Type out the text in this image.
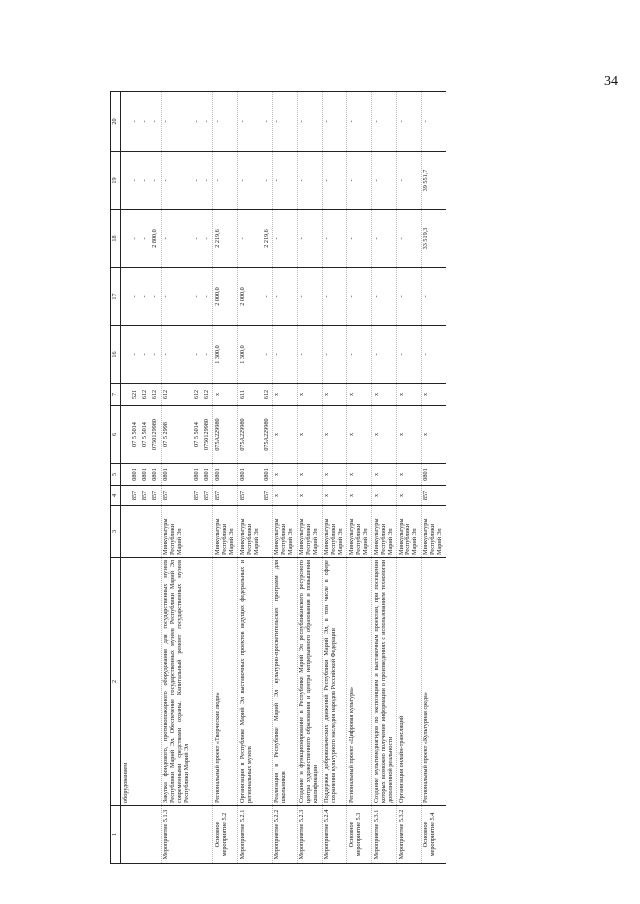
34
1	2	3	4	5	6	7	16	17	18	19	20
	оборудованием										
			857	0801	07 5 5014	521	-	-	-	-	-
			857	0801	07 5 5014	612	-	-	-	-	-
			857	0801	0750129980	612	-	-	2 800,0	-	-
Мероприятие 5.1.3	Закупка фондового, противопожарного оборудования для государственных музеев Республики Марий Эл. Обеспечение государственных музеев Республики Марий Эл современными средствами охраны. Капитальный ремонт государственных музеев Республики Марий Эл	Минкультуры Республики Марий Эл	857	0801	07 5 2998	612	-	-	-	-	-
			857	0801	07 5 5014	612	-	-	-	-	-
			857	0801	0750129980	612	-	-	-	-	-
Основное мероприятие 5.2	Региональный проект «Творческие люди»	Минкультуры Республики Марий Эл	857	0801	075A229980	х	1 300,0	2 000,0	2 219,6	-	-
Мероприятие 5.2.1	Организация в Республике Марий Эл выставочных проектов ведущих федеральных и региональных музеев	Минкультуры Республики Марий Эл	857	0801	075A229980	611	1 300,0	2 000,0	-	-	-
			857	0801	075A229980	612	-	-	2 219,6	-	-
Мероприятие 5.2.2	Реализация в Республике Марий Эл культурно-просветительских программ для школьников	Минкультуры Республики Марий Эл	х	х	х	х	-	-	-	-	-
Мероприятие 5.2.3	Создание и функционирование в Республике Марий Эл республиканского ресурсного центра художественного образования и центра непрерывного образования и повышения квалификации	Минкультуры Республики Марий Эл	х	х	х	х	-	-	-	-	-
Мероприятие 5.2.4	Поддержка добровольческих движений Республики Марий Эл, в том числе в сфере сохранения культурного наследия народов Российской Федерации	Минкультуры Республики Марий Эл	х	х	х	х	-	-	-	-	-
Основное мероприятие 5.3	Региональный проект «Цифровая культура»	Минкультуры Республики Марий Эл	х	х	х	х	-	-	-	-	-
Мероприятие 5.3.1	Создание мультимедиагидов по экспозициям и выставочным проектам, при посещении которых возможно получение информации о произведениях с использованием технологии дополненной реальности	Минкультуры Республики Марий Эл	х	х	х	х	-	-	-	-	-
Мероприятие 5.3.2	Организация онлайн-трансляций	Минкультуры Республики Марий Эл	х	х	х	х	-	-	-	-	-
Основное мероприятие 5.4	Региональный проект «Культурная среда»	Минкультуры Республики Марий Эл	857	0801	х	х	-	-	33 519,3	39 551,7	-
